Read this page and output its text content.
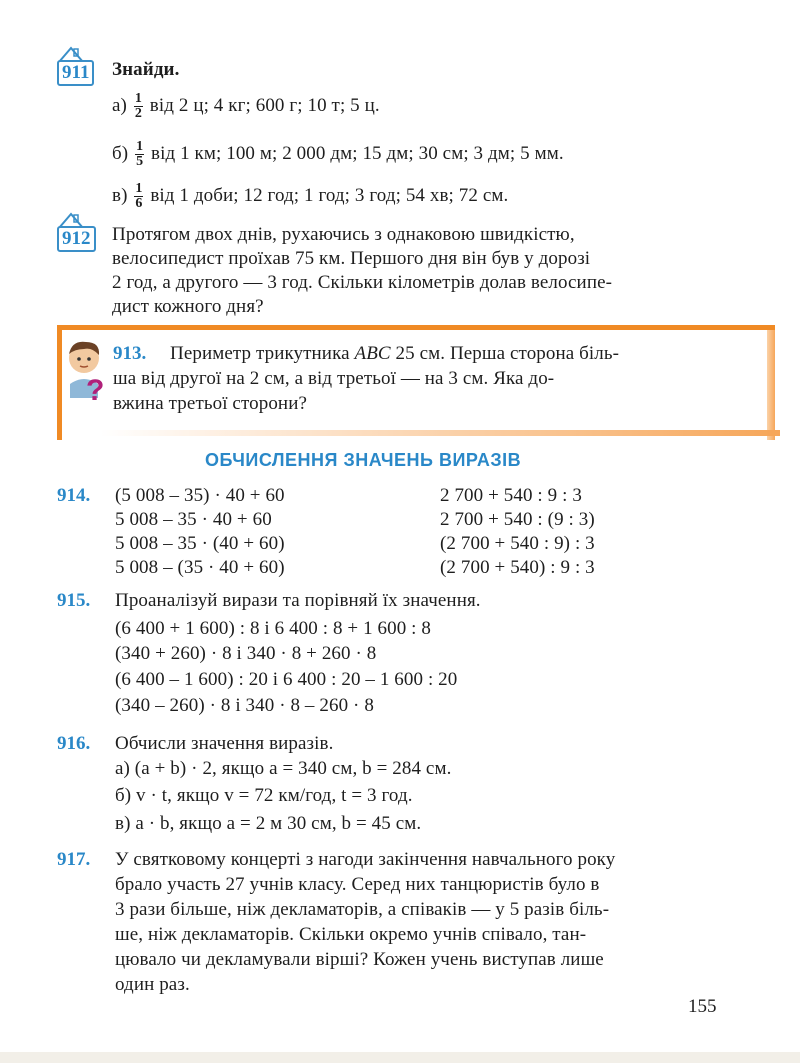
911 Знайди.
$а) \frac{1}{2}$ від 2 ц; 4 кг; 600 г; 10 т; 5 ц.
$б) \frac{1}{5}$ від 1 км; 100 м; 2 000 дм; 15 дм; 30 см; 3 дм; 5 мм.
$в) \frac{1}{6}$ від 1 доби; 12 год; 1 год; 3 год; 54 хв; 72 см.
912 Протягом двох днів, рухаючись з однаковою швидкістю,
велосипедист проїхав 75 км. Першого дня він був у дорозі
2 год, а другого — 3 год. Скільки кілометрів долав велосипе-
дист кожного дня?
?
913. Периметр трикутника ABC 25 см. Перша сторона біль-
ша від другої на 2 см, а від третьої — на 3 см. Яка до-
вжина третьої сторони?
ОБЧИСЛЕННЯ ЗНАЧЕНЬ ВИРАЗІВ
914. (5 008 – 35) · 40 + 60
5 008 – 35 · 40 + 60
5 008 – 35 · (40 + 60)
5 008 – (35 · 40 + 60)
2 700 + 540 : 9 : 3
2 700 + 540 : (9 : 3)
(2 700 + 540 : 9) : 3
(2 700 + 540) : 9 : 3
915. Проаналізуй вирази та порівняй їх значення.
(6 400 + 1 600) : 8 і 6 400 : 8 + 1 600 : 8
(340 + 260) · 8 і 340 · 8 + 260 · 8
(6 400 – 1 600) : 20 і 6 400 : 20 – 1 600 : 20
(340 – 260) · 8 і 340 · 8 – 260 · 8
916. Обчисли значення виразів.
а) (a + b) · 2, якщо a = 340 см, b = 284 см.
б) v · t, якщо v = 72 км/год, t = 3 год.
в) a · b, якщо a = 2 м 30 см, b = 45 см.
917. У святковому концерті з нагоди закінчення навчального року
брало участь 27 учнів класу. Серед них танцюристів було в
3 рази більше, ніж декламаторів, а співаків — у 5 разів біль-
ше, ніж декламаторів. Скільки окремо учнів співало, тан-
цювало чи декламували вірші? Кожен учень виступав лише
один раз.
155
